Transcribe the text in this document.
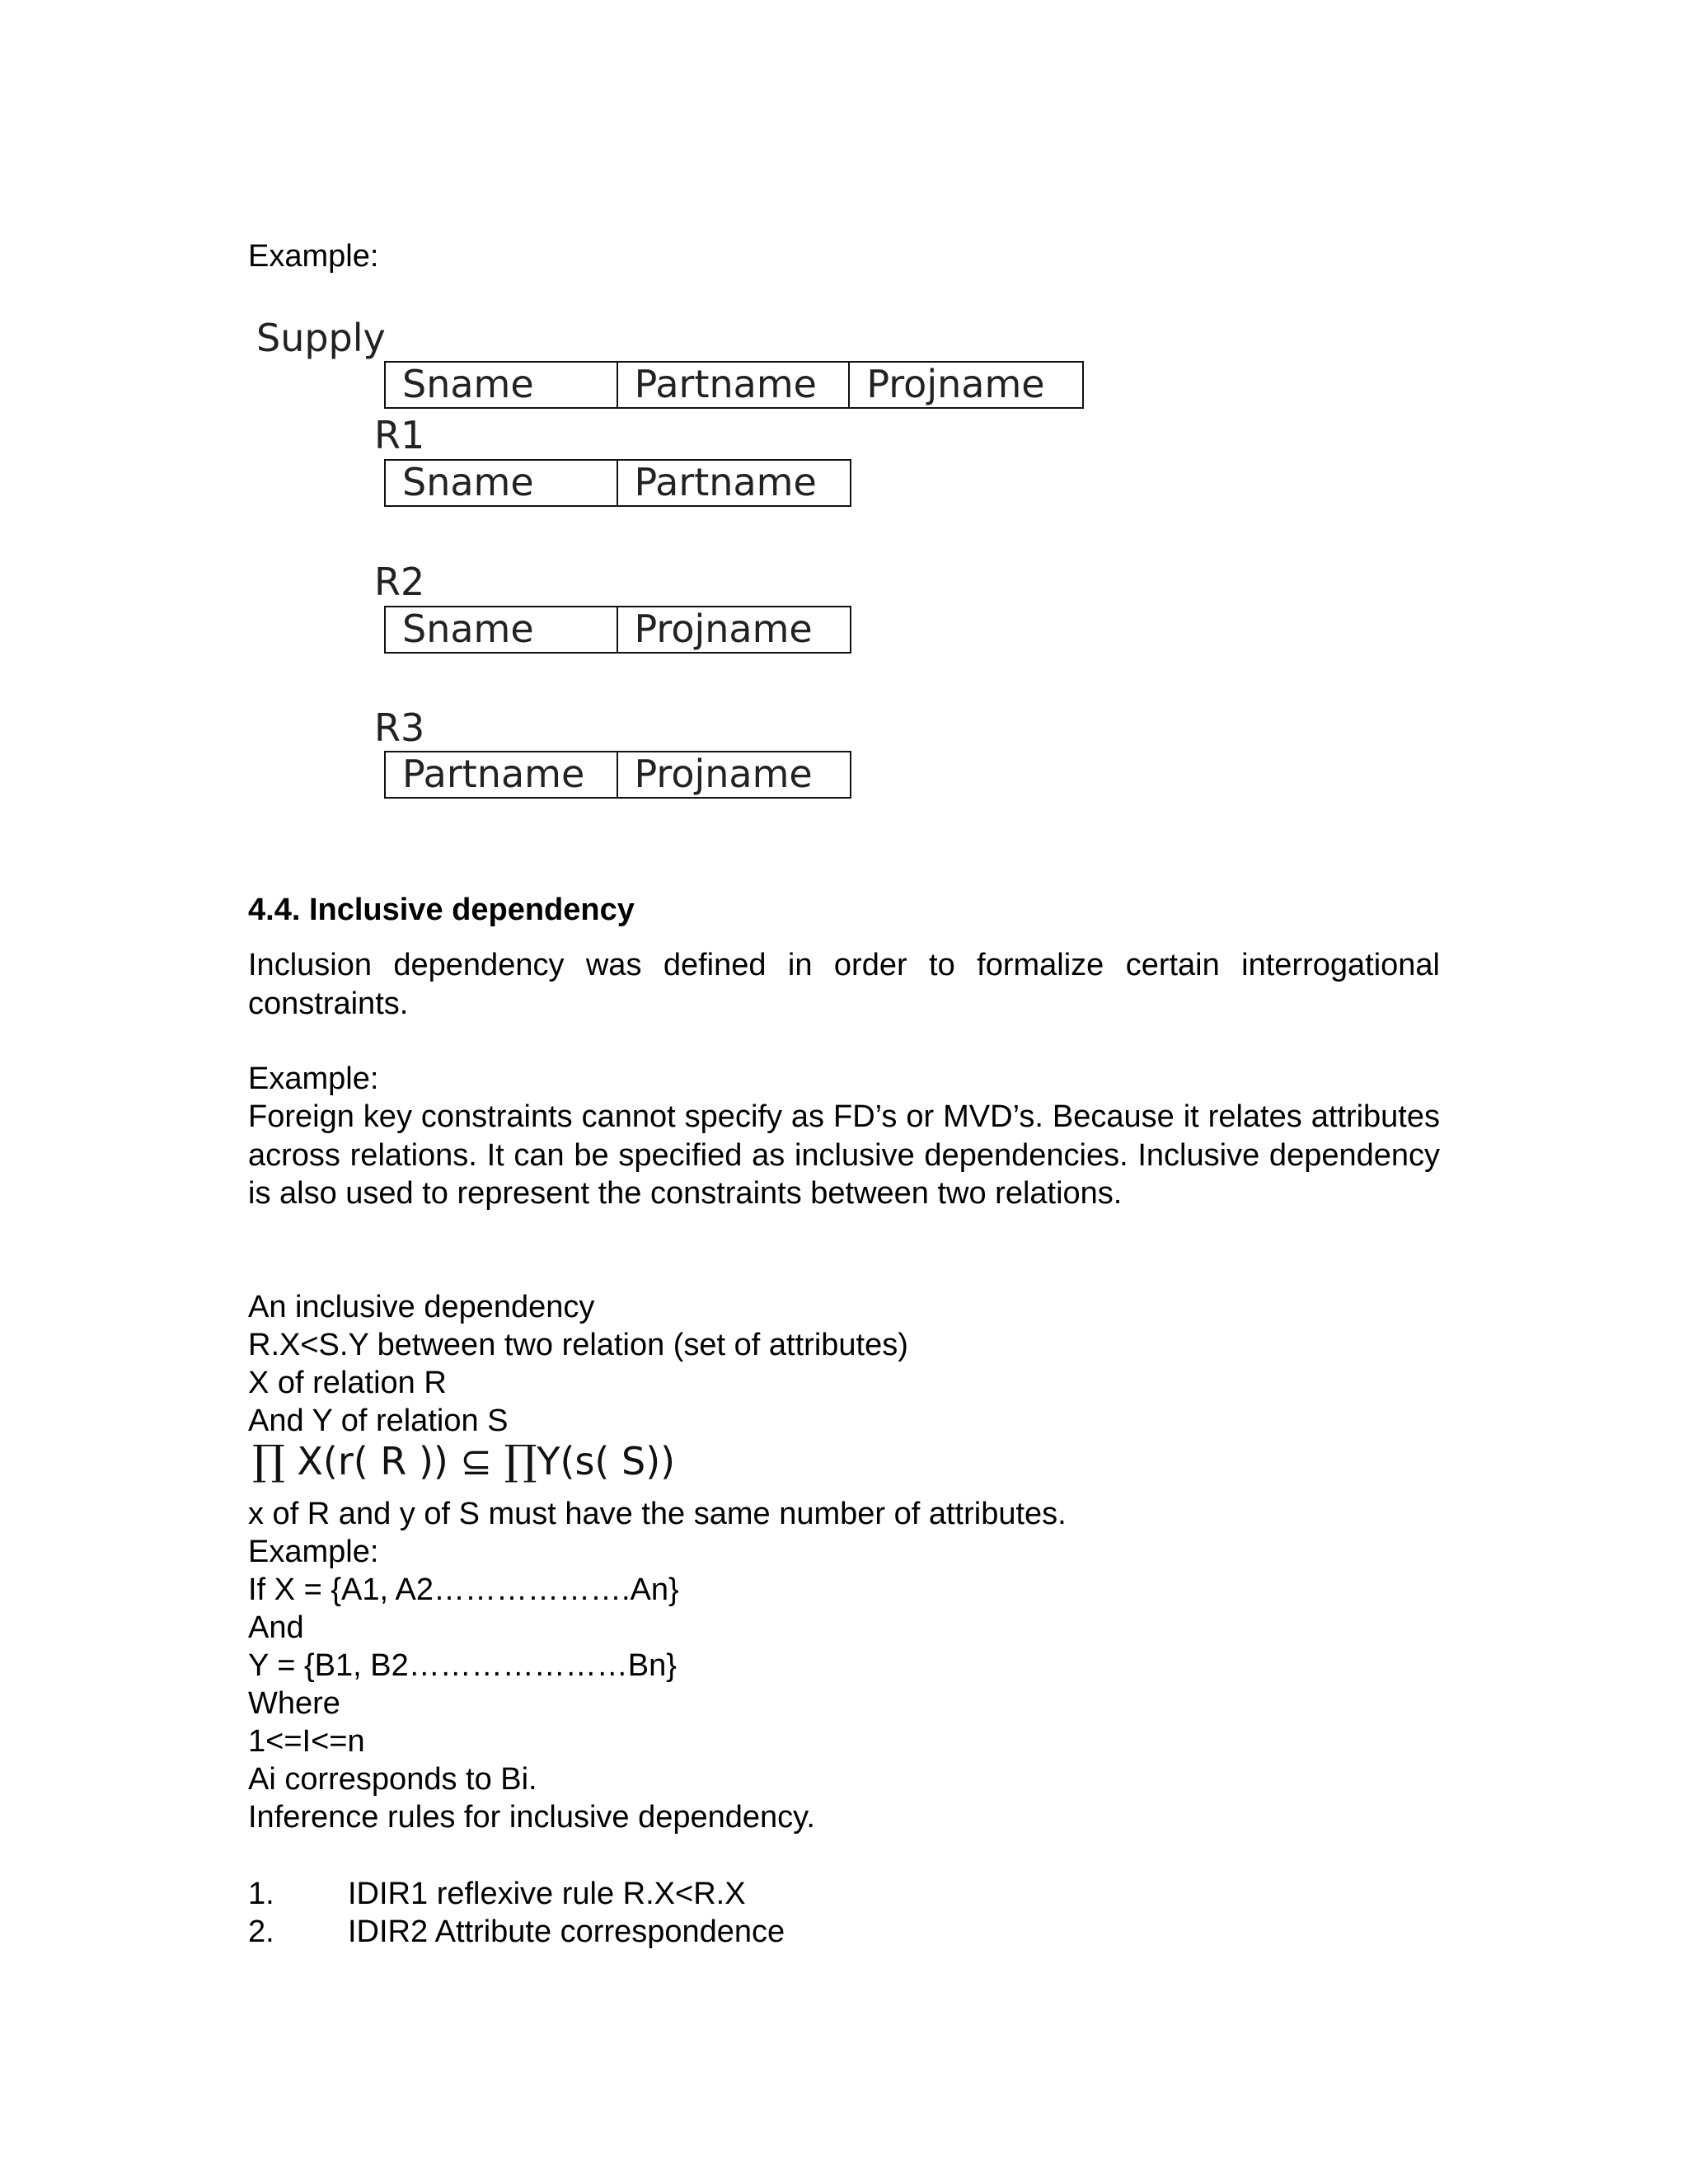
Example:

Supply
Sname	Partname	Projname
R1
Sname	Partname
R2
Sname	Projname
R3
Partname	Projname

4.4. Inclusive dependency

Inclusion dependency was defined in order to formalize certain interrogational constraints.

Example:

Foreign key constraints cannot specify as FD’s or MVD’s. Because it relates attributes across relations. It can be specified as inclusive dependencies. Inclusive dependency is also used to represent the constraints between two relations.

An inclusive dependency

R.X<S.Y between two relation (set of attributes)

X of relation R

And Y of relation S

∏ X(r( R )) ⊆ ∏Y(s( S))

x of R and y of S must have the same number of attributes.

Example:

If X = {A1, A2……………….An}

And

Y = {B1, B2…………………Bn}

Where

1<=I<=n

Ai corresponds to Bi.

Inference rules for inclusive dependency.

1. IDIR1 reflexive rule R.X<R.X
2. IDIR2 Attribute correspondence
